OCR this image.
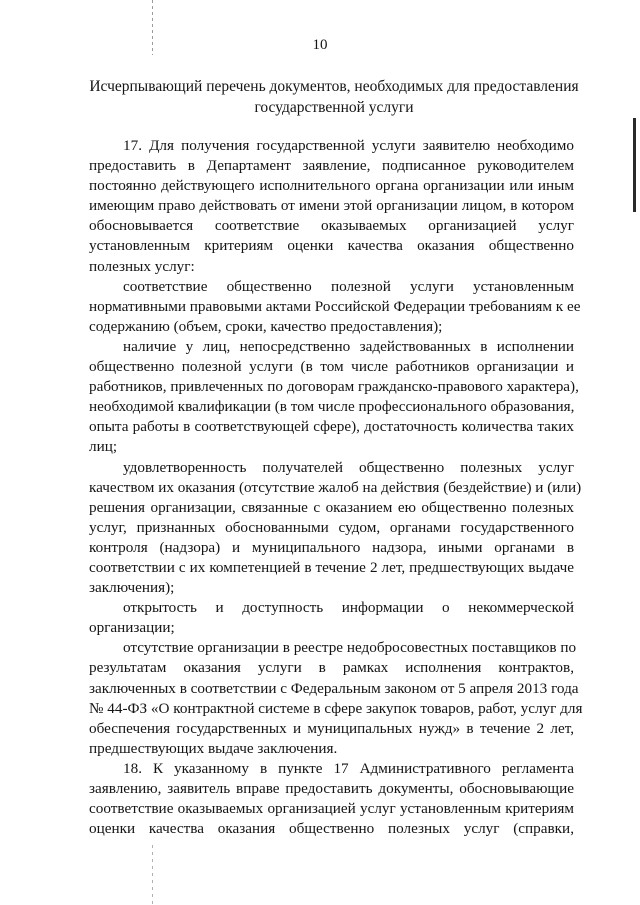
10
Исчерпывающий перечень документов, необходимых для предоставления
государственной услуги
17. Для получения государственной услуги заявителю необходимо
предоставить в Департамент заявление, подписанное руководителем
постоянно действующего исполнительного органа организации или иным
имеющим право действовать от имени этой организации лицом, в котором
обосновывается соответствие оказываемых организацией услуг
установленным критериям оценки качества оказания общественно
полезных услуг:
соответствие общественно полезной услуги установленным
нормативными правовыми актами Российской Федерации требованиям к ее
содержанию (объем, сроки, качество предоставления);
наличие у лиц, непосредственно задействованных в исполнении
общественно полезной услуги (в том числе работников организации и
работников, привлеченных по договорам гражданско-правового характера),
необходимой квалификации (в том числе профессионального образования,
опыта работы в соответствующей сфере), достаточность количества таких
лиц;
удовлетворенность получателей общественно полезных услуг
качеством их оказания (отсутствие жалоб на действия (бездействие) и (или)
решения организации, связанные с оказанием ею общественно полезных
услуг, признанных обоснованными судом, органами государственного
контроля (надзора) и муниципального надзора, иными органами в
соответствии с их компетенцией в течение 2 лет, предшествующих выдаче
заключения);
открытость и доступность информации о некоммерческой
организации;
отсутствие организации в реестре недобросовестных поставщиков по
результатам оказания услуги в рамках исполнения контрактов,
заключенных в соответствии с Федеральным законом от 5 апреля 2013 года
№ 44-ФЗ «О контрактной системе в сфере закупок товаров, работ, услуг для
обеспечения государственных и муниципальных нужд» в течение 2 лет,
предшествующих выдаче заключения.
18. К указанному в пункте 17 Административного регламента
заявлению, заявитель вправе предоставить документы, обосновывающие
соответствие оказываемых организацией услуг установленным критериям
оценки качества оказания общественно полезных услуг (справки,
